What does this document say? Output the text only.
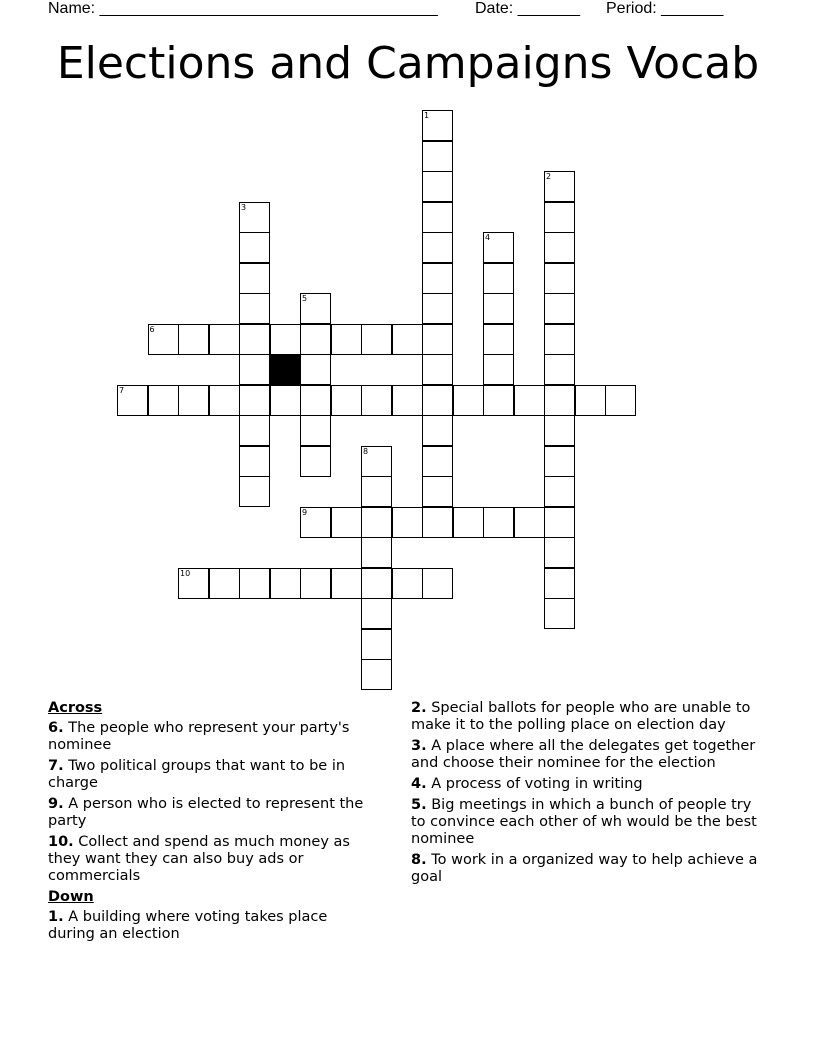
Name: ______________________________________ Date: _______ Period: _______
Elections and Campaigns Vocab
1
2
3
4
5
6
7
8
9
10
Across
6. The people who represent your party's nominee
7. Two political groups that want to be in charge
9. A person who is elected to represent the party
10. Collect and spend as much money as they want they can also buy ads or commercials
Down
1. A building where voting takes place during an election
2. Special ballots for people who are unable to make it to the polling place on election day
3. A place where all the delegates get together and choose their nominee for the election
4. A process of voting in writing
5. Big meetings in which a bunch of people try to convince each other of wh would be the best nominee
8. To work in a organized way to help achieve a goal
